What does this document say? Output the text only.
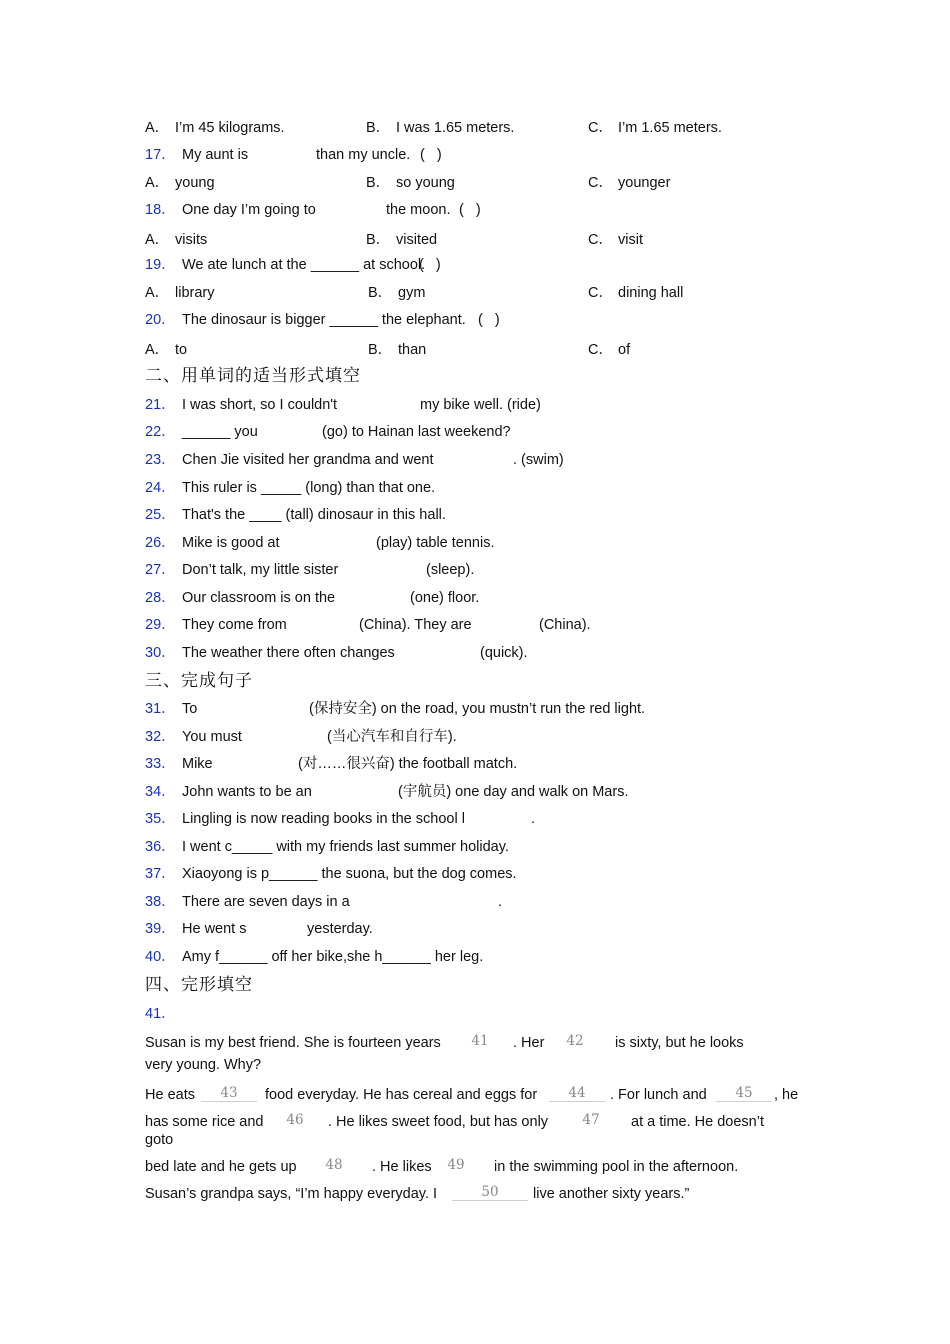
A． I’m 45 kilograms.	B． I was 1.65 meters.	C． I’m 1.65 meters.
17． My aunt is	than my uncle. (   )
A． young	B． so young	C． younger
18． One day I’m going to	the moon. (   )
A． visits	B． visited	C． visit
19． We ate lunch at the ______ at school.
(   )
A． library	B． gym	C． dining hall
20． The dinosaur is bigger ______ the elephant. (   )
A． to	B． than	C． of
二、用单词的适当形式填空
21． I was short, so I couldn't	my bike well. (ride)
22． ______ you	(go) to Hainan last weekend?
23． Chen Jie visited her grandma and went	. (swim)
24． This ruler is _____ (long) than that one.
25． That's the ____ (tall) dinosaur in this hall.
26． Mike is good at	(play) table tennis.
27． Don’t talk, my little sister	(sleep).
28． Our classroom is on the	(one) floor.
29． They come from	(China). They are	(China).
30． The weather there often changes	(quick).
三、完成句子
31． To	(保持安全) on the road, you mustn’t run the red light.
32． You must	(当心汽车和自行车).
33． Mike	(对……很兴奋) the football match.
34． John wants to be an	(宇航员) one day and walk on Mars.
35． Lingling is now reading books in the school l	.
36． I went c_____ with my friends last summer holiday.
37． Xiaoyong is p______ the suona, but the dog comes.
38． There are seven days in a	.
39． He went s	yesterday.
40． Amy f______ off her bike,she h______ her leg.
四、完形填空
41．
Susan is my best friend. She is fourteen years	41	. Her	42	is sixty, but he looks
very young. Why?
He eats	43	food everyday. He has cereal and eggs for	44	. For lunch and	45	, he
has some rice and	46	. He likes sweet food, but has only	47	at a time. He doesn’t
goto
bed late and he gets up	48	. He likes	49	in the swimming pool in the afternoon.
Susan’s grandpa says, “I’m happy everyday. I	50	live another sixty years.”
